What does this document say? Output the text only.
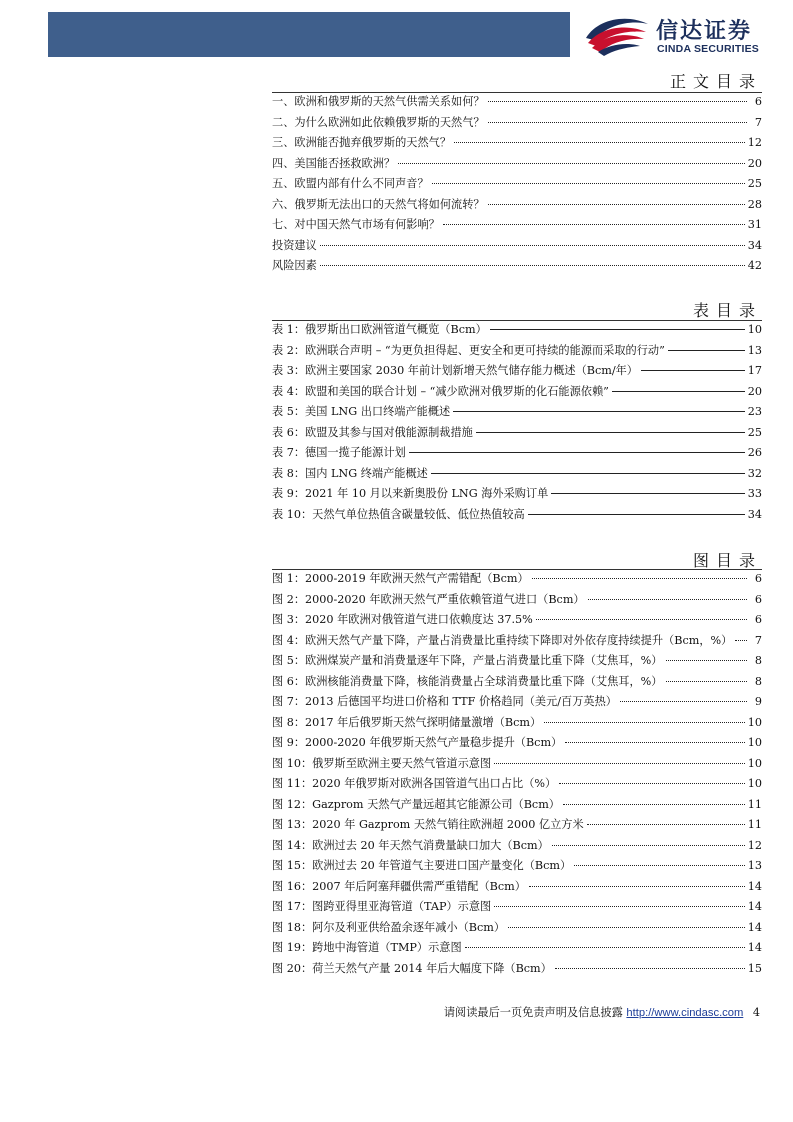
信达证券
CINDA SECURITIES
正文目录
一、欧洲和俄罗斯的天然气供需关系如何？	6
二、为什么欧洲如此依赖俄罗斯的天然气？	7
三、欧洲能否抛弃俄罗斯的天然气？	12
四、美国能否拯救欧洲？	20
五、欧盟内部有什么不同声音？	25
六、俄罗斯无法出口的天然气将如何流转？	28
七、对中国天然气市场有何影响？	31
投资建议	34
风险因素	42
表目录
表 1：俄罗斯出口欧洲管道气概览（Bcm）	10
表 2：欧洲联合声明 – “为更负担得起、更安全和更可持续的能源而采取的行动”	13
表 3：欧洲主要国家 2030 年前计划新增天然气储存能力概述（Bcm/年）	17
表 4：欧盟和美国的联合计划 – “减少欧洲对俄罗斯的化石能源依赖”	20
表 5：美国 LNG 出口终端产能概述	23
表 6：欧盟及其参与国对俄能源制裁措施	25
表 7：德国一揽子能源计划	26
表 8：国内 LNG 终端产能概述	32
表 9：2021 年 10 月以来新奥股份 LNG 海外采购订单	33
表 10：天然气单位热值含碳量较低、低位热值较高	34
图目录
图 1：2000-2019 年欧洲天然气产需错配（Bcm）	6
图 2：2000-2020 年欧洲天然气严重依赖管道气进口（Bcm）	6
图 3：2020 年欧洲对俄管道气进口依赖度达 37.5%	6
图 4：欧洲天然气产量下降，产量占消费量比重持续下降即对外依存度持续提升（Bcm，%）	7
图 5：欧洲煤炭产量和消费量逐年下降，产量占消费量比重下降（艾焦耳，%）	8
图 6：欧洲核能消费量下降，核能消费量占全球消费量比重下降（艾焦耳，%）	8
图 7：2013 后德国平均进口价格和 TTF 价格趋同（美元/百万英热）	9
图 8：2017 年后俄罗斯天然气探明储量激增（Bcm）	10
图 9：2000-2020 年俄罗斯天然气产量稳步提升（Bcm）	10
图 10：俄罗斯至欧洲主要天然气管道示意图	10
图 11：2020 年俄罗斯对欧洲各国管道气出口占比（%）	10
图 12：Gazprom 天然气产量远超其它能源公司（Bcm）	11
图 13：2020 年 Gazprom 天然气销往欧洲超 2000 亿立方米	11
图 14：欧洲过去 20 年天然气消费量缺口加大（Bcm）	12
图 15：欧洲过去 20 年管道气主要进口国产量变化（Bcm）	13
图 16：2007 年后阿塞拜疆供需严重错配（Bcm）	14
图 17：图跨亚得里亚海管道（TAP）示意图	14
图 18：阿尔及利亚供给盈余逐年减小（Bcm）	14
图 19：跨地中海管道（TMP）示意图	14
图 20：荷兰天然气产量 2014 年后大幅度下降（Bcm）	15
请阅读最后一页免责声明及信息披露 http://www.cindasc.com 4
